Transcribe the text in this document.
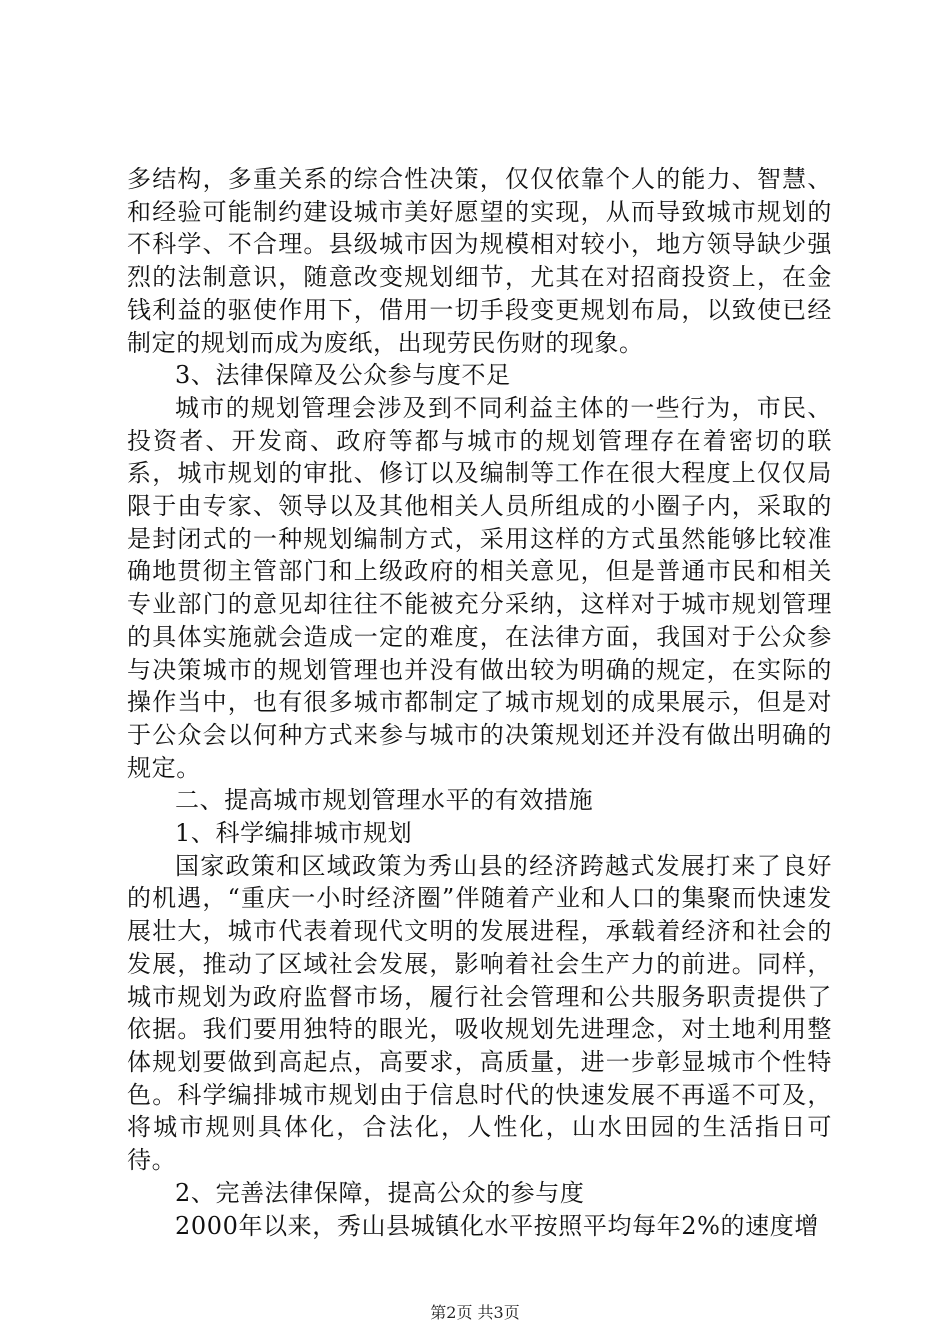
多结构，多重关系的综合性决策，仅仅依靠个人的能力、智慧、和经验可能制约建设城市美好愿望的实现，从而导致城市规划的不科学、不合理。县级城市因为规模相对较小，地方领导缺少强烈的法制意识，随意改变规划细节，尤其在对招商投资上，在金钱利益的驱使作用下，借用一切手段变更规划布局，以致使已经制定的规划而成为废纸，出现劳民伤财的现象。

3、法律保障及公众参与度不足

城市的规划管理会涉及到不同利益主体的一些行为，市民、投资者、开发商、政府等都与城市的规划管理存在着密切的联系，城市规划的审批、修订以及编制等工作在很大程度上仅仅局限于由专家、领导以及其他相关人员所组成的小圈子内，采取的是封闭式的一种规划编制方式，采用这样的方式虽然能够比较准确地贯彻主管部门和上级政府的相关意见，但是普通市民和相关专业部门的意见却往往不能被充分采纳，这样对于城市规划管理的具体实施就会造成一定的难度，在法律方面，我国对于公众参与决策城市的规划管理也并没有做出较为明确的规定，在实际的操作当中，也有很多城市都制定了城市规划的成果展示，但是对于公众会以何种方式来参与城市的决策规划还并没有做出明确的规定。

二、提高城市规划管理水平的有效措施

1、科学编排城市规划

国家政策和区域政策为秀山县的经济跨越式发展打来了良好的机遇，“重庆一小时经济圈”伴随着产业和人口的集聚而快速发展壮大，城市代表着现代文明的发展进程，承载着经济和社会的发展，推动了区域社会发展，影响着社会生产力的前进。同样，城市规划为政府监督市场，履行社会管理和公共服务职责提供了依据。我们要用独特的眼光，吸收规划先进理念，对土地利用整体规划要做到高起点，高要求，高质量，进一步彰显城市个性特色。科学编排城市规划由于信息时代的快速发展不再遥不可及，将城市规则具体化，合法化，人性化，山水田园的生活指日可待。

2、完善法律保障，提高公众的参与度

2000年以来，秀山县城镇化水平按照平均每年2%的速度增

第2页 共3页
